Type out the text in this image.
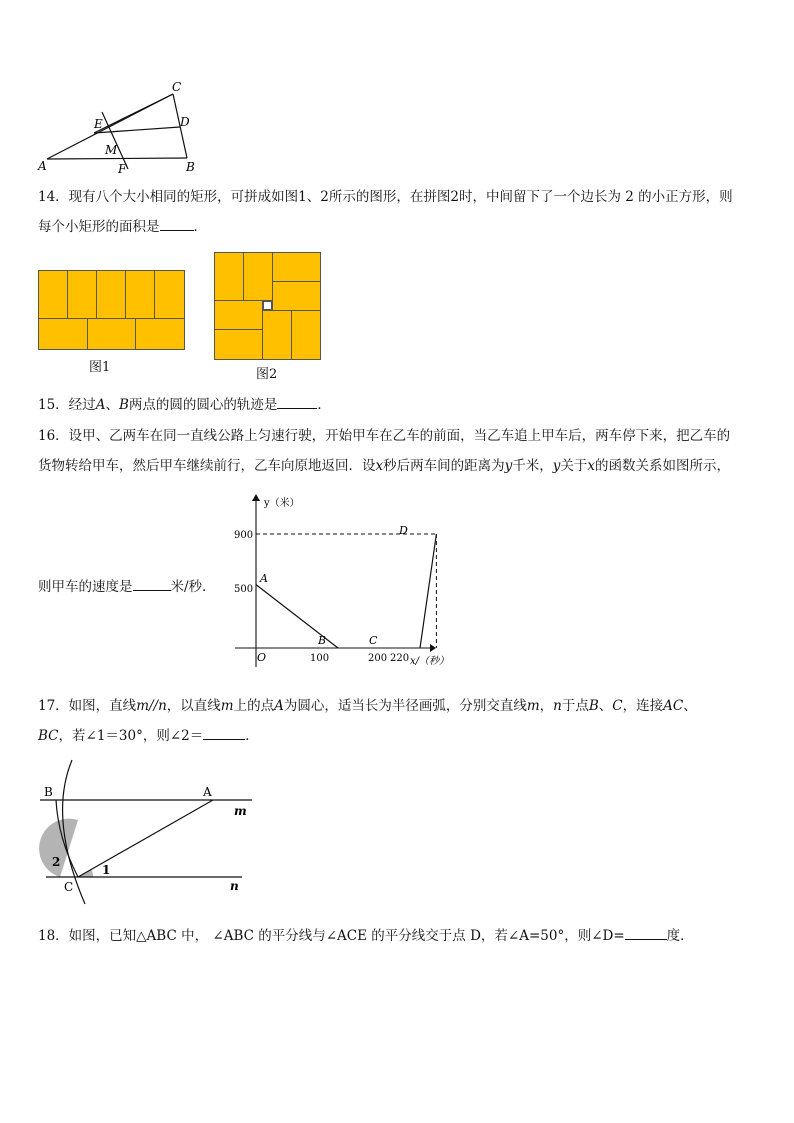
C
E	D
M
A	F	B
14．现有八个大小相同的矩形，可拼成如图1、2所示的图形，在拼图2时，中间留下了一个边长为 2 的小正方形，则
每个小矩形的面积是	．
图1	图2
15．经过A、B两点的圆的圆心的轨迹是	．
16．设甲、乙两车在同一直线公路上匀速行驶，开始甲车在乙车的前面，当乙车追上甲车后，两车停下来，把乙车的
货物转给甲车，然后甲车继续前行，乙车向原地返回．设x秒后两车间的距离为y千米，y关于x的函数关系如图所示，
则甲车的速度是	米/秒．
y（米）
x/（秒）
O
900
500
100	200 220
A
B	C
D
17．如图，直线m//n，以直线m上的点A为圆心，适当长为半径画弧，分别交直线m，n于点B、C，连接AC、
BC，若∠1＝30°，则∠2＝	．
B	A
m
n
C
1
2
18．如图，已知△ABC 中， ∠ABC 的平分线与∠ACE 的平分线交于点 D，若∠A=50°，则∠D=	度．
